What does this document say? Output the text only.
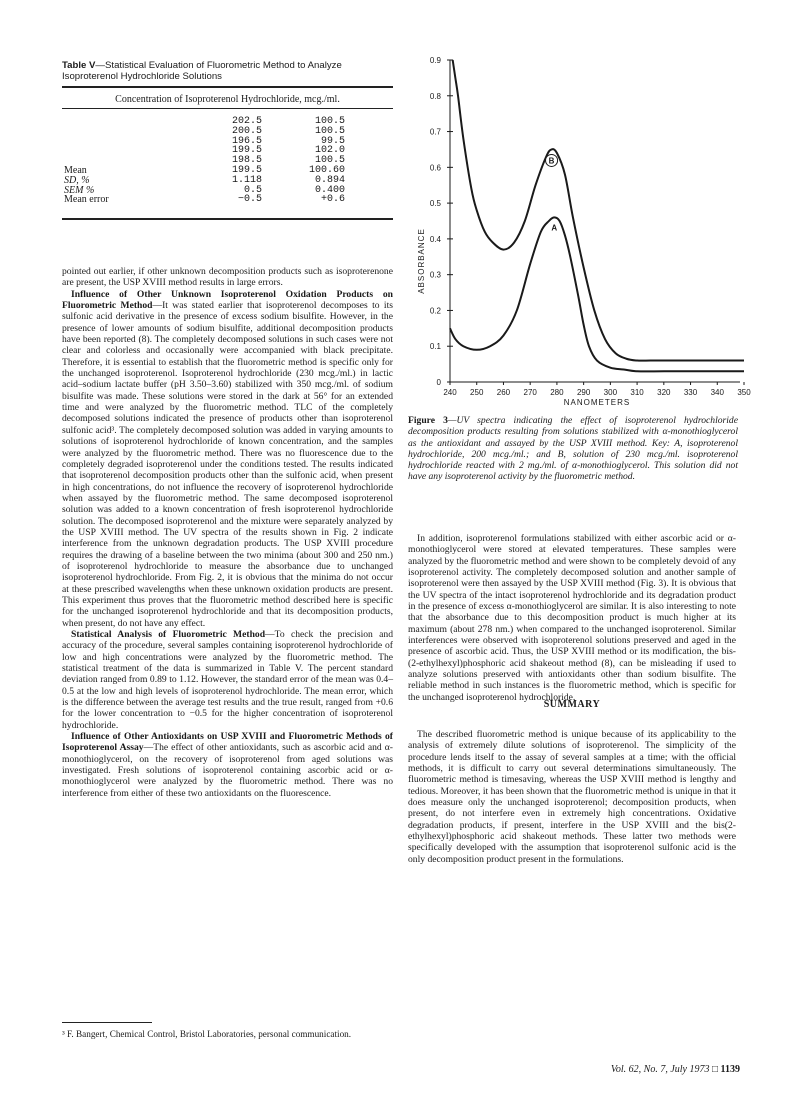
Table V—Statistical Evaluation of Fluorometric Method to Analyze Isoproterenol Hydrochloride Solutions
Concentration of Isoproterenol Hydrochloride, mcg./ml.
202.5	100.5
200.5	100.5
196.5	99.5
199.5	102.0
198.5	100.5
Mean	199.5	100.60
SD, %	1.118	0.894
SEM %	0.5	0.400
Mean error	−0.5	+0.6

pointed out earlier, if other unknown decomposition products such as isoproterenone are present, the USP XVIII method results in large errors.

Influence of Other Unknown Isoproterenol Oxidation Products on Fluorometric Method—It was stated earlier that isoproterenol decomposes to its sulfonic acid derivative in the presence of excess sodium bisulfite. However, in the presence of lower amounts of sodium bisulfite, additional decomposition products have been reported (8). The completely decomposed solutions in such cases were not clear and colorless and occasionally were accompanied with black precipitate. Therefore, it is essential to establish that the fluorometric method is specific only for the unchanged isoproterenol. Isoproterenol hydrochloride (230 mcg./ml.) in lactic acid–sodium lactate buffer (pH 3.50–3.60) stabilized with 350 mcg./ml. of sodium bisulfite was made. These solutions were stored in the dark at 56° for an extended time and were analyzed by the fluorometric method. TLC of the completely decomposed solutions indicated the presence of products other than isoproterenol sulfonic acid³. The completely decomposed solution was added in varying amounts to solutions of isoproterenol hydrochloride of known concentration, and the samples were analyzed by the fluorometric method. There was no fluorescence due to the completely degraded isoproterenol under the conditions tested. The results indicated that isoproterenol decomposition products other than the sulfonic acid, when present in high concentrations, do not influence the recovery of isoproterenol hydrochloride when assayed by the fluorometric method. The same decomposed isoproterenol solution was added to a known concentration of fresh isoproterenol hydrochloride solution. The decomposed isoproterenol and the mixture were separately analyzed by the USP XVIII method. The UV spectra of the results shown in Fig. 2 indicate interference from the unknown degradation products. The USP XVIII procedure requires the drawing of a baseline between the two minima (about 300 and 250 nm.) of isoproterenol hydrochloride to measure the absorbance due to unchanged isoproterenol hydrochloride. From Fig. 2, it is obvious that the minima do not occur at these prescribed wavelengths when these unknown oxidation products are present. This experiment thus proves that the fluorometric method described here is specific for the unchanged isoproterenol hydrochloride and that its decomposition products, when present, do not have any effect.

Statistical Analysis of Fluorometric Method—To check the precision and accuracy of the procedure, several samples containing isoproterenol hydrochloride of low and high concentrations were analyzed by the fluorometric method. The statistical treatment of the data is summarized in Table V. The percent standard deviation ranged from 0.89 to 1.12. However, the standard error of the mean was 0.4–0.5 at the low and high levels of isoproterenol hydrochloride. The mean error, which is the difference between the average test results and the true result, ranged from +0.6 for the lower concentration to −0.5 for the higher concentration of isoproterenol hydrochloride.

Influence of Other Antioxidants on USP XVIII and Fluorometric Methods of Isoproterenol Assay—The effect of other antioxidants, such as ascorbic acid and α-monothioglycerol, on the recovery of isoproterenol from aged solutions was investigated. Fresh solutions of isoproterenol containing ascorbic acid or α-monothioglycerol were analyzed by the fluorometric method. There was no interference from either of these two antioxidants on the fluorescence.

³ F. Bangert, Chemical Control, Bristol Laboratories, personal communication.
0
0.1
0.2
0.3
0.4
0.5
0.6
0.7
0.8
0.9
240 250 260 270 280 290 300 310 320 330 340 350
NANOMETERS
ABSORBANCE
A
B
Figure 3—UV spectra indicating the effect of isoproterenol hydrochloride decomposition products resulting from solutions stabilized with α-monothioglycerol as the antioxidant and assayed by the USP XVIII method. Key: A, isoproterenol hydrochloride, 200 mcg./ml.; and B, solution of 230 mcg./ml. isoproterenol hydrochloride reacted with 2 mg./ml. of α-monothioglycerol. This solution did not have any isoproterenol activity by the fluorometric method.

In addition, isoproterenol formulations stabilized with either ascorbic acid or α-monothioglycerol were stored at elevated temperatures. These samples were analyzed by the fluorometric method and were shown to be completely devoid of any isoproterenol activity. The completely decomposed solution and another sample of isoproterenol were then assayed by the USP XVIII method (Fig. 3). It is obvious that the UV spectra of the intact isoproterenol hydrochloride and its degradation product in the presence of excess α-monothioglycerol are similar. It is also interesting to note that the absorbance due to this decomposition product is much higher at its maximum (about 278 nm.) when compared to the unchanged isoproterenol. Similar interferences were observed with isoproterenol solutions preserved and aged in the presence of ascorbic acid. Thus, the USP XVIII method or its modification, the bis-(2-ethylhexyl)phosphoric acid shakeout method (8), can be misleading if used to analyze solutions preserved with antioxidants other than sodium bisulfite. The reliable method in such instances is the fluorometric method, which is specific for the unchanged isoproterenol hydrochloride.

SUMMARY

The described fluorometric method is unique because of its applicability to the analysis of extremely dilute solutions of isoproterenol. The simplicity of the procedure lends itself to the assay of several samples at a time; with the official methods, it is difficult to carry out several determinations simultaneously. The fluorometric method is timesaving, whereas the USP XVIII method is lengthy and tedious. Moreover, it has been shown that the fluorometric method is unique in that it does measure only the unchanged isoproterenol; decomposition products, when present, do not interfere even in extremely high concentrations. Oxidative degradation products, if present, interfere in the USP XVIII and the bis(2-ethylhexyl)phosphoric acid shakeout methods. These latter two methods were specifically developed with the assumption that isoproterenol sulfonic acid is the only decomposition product present in the formulations.

Vol. 62, No. 7, July 1973 □ 1139
